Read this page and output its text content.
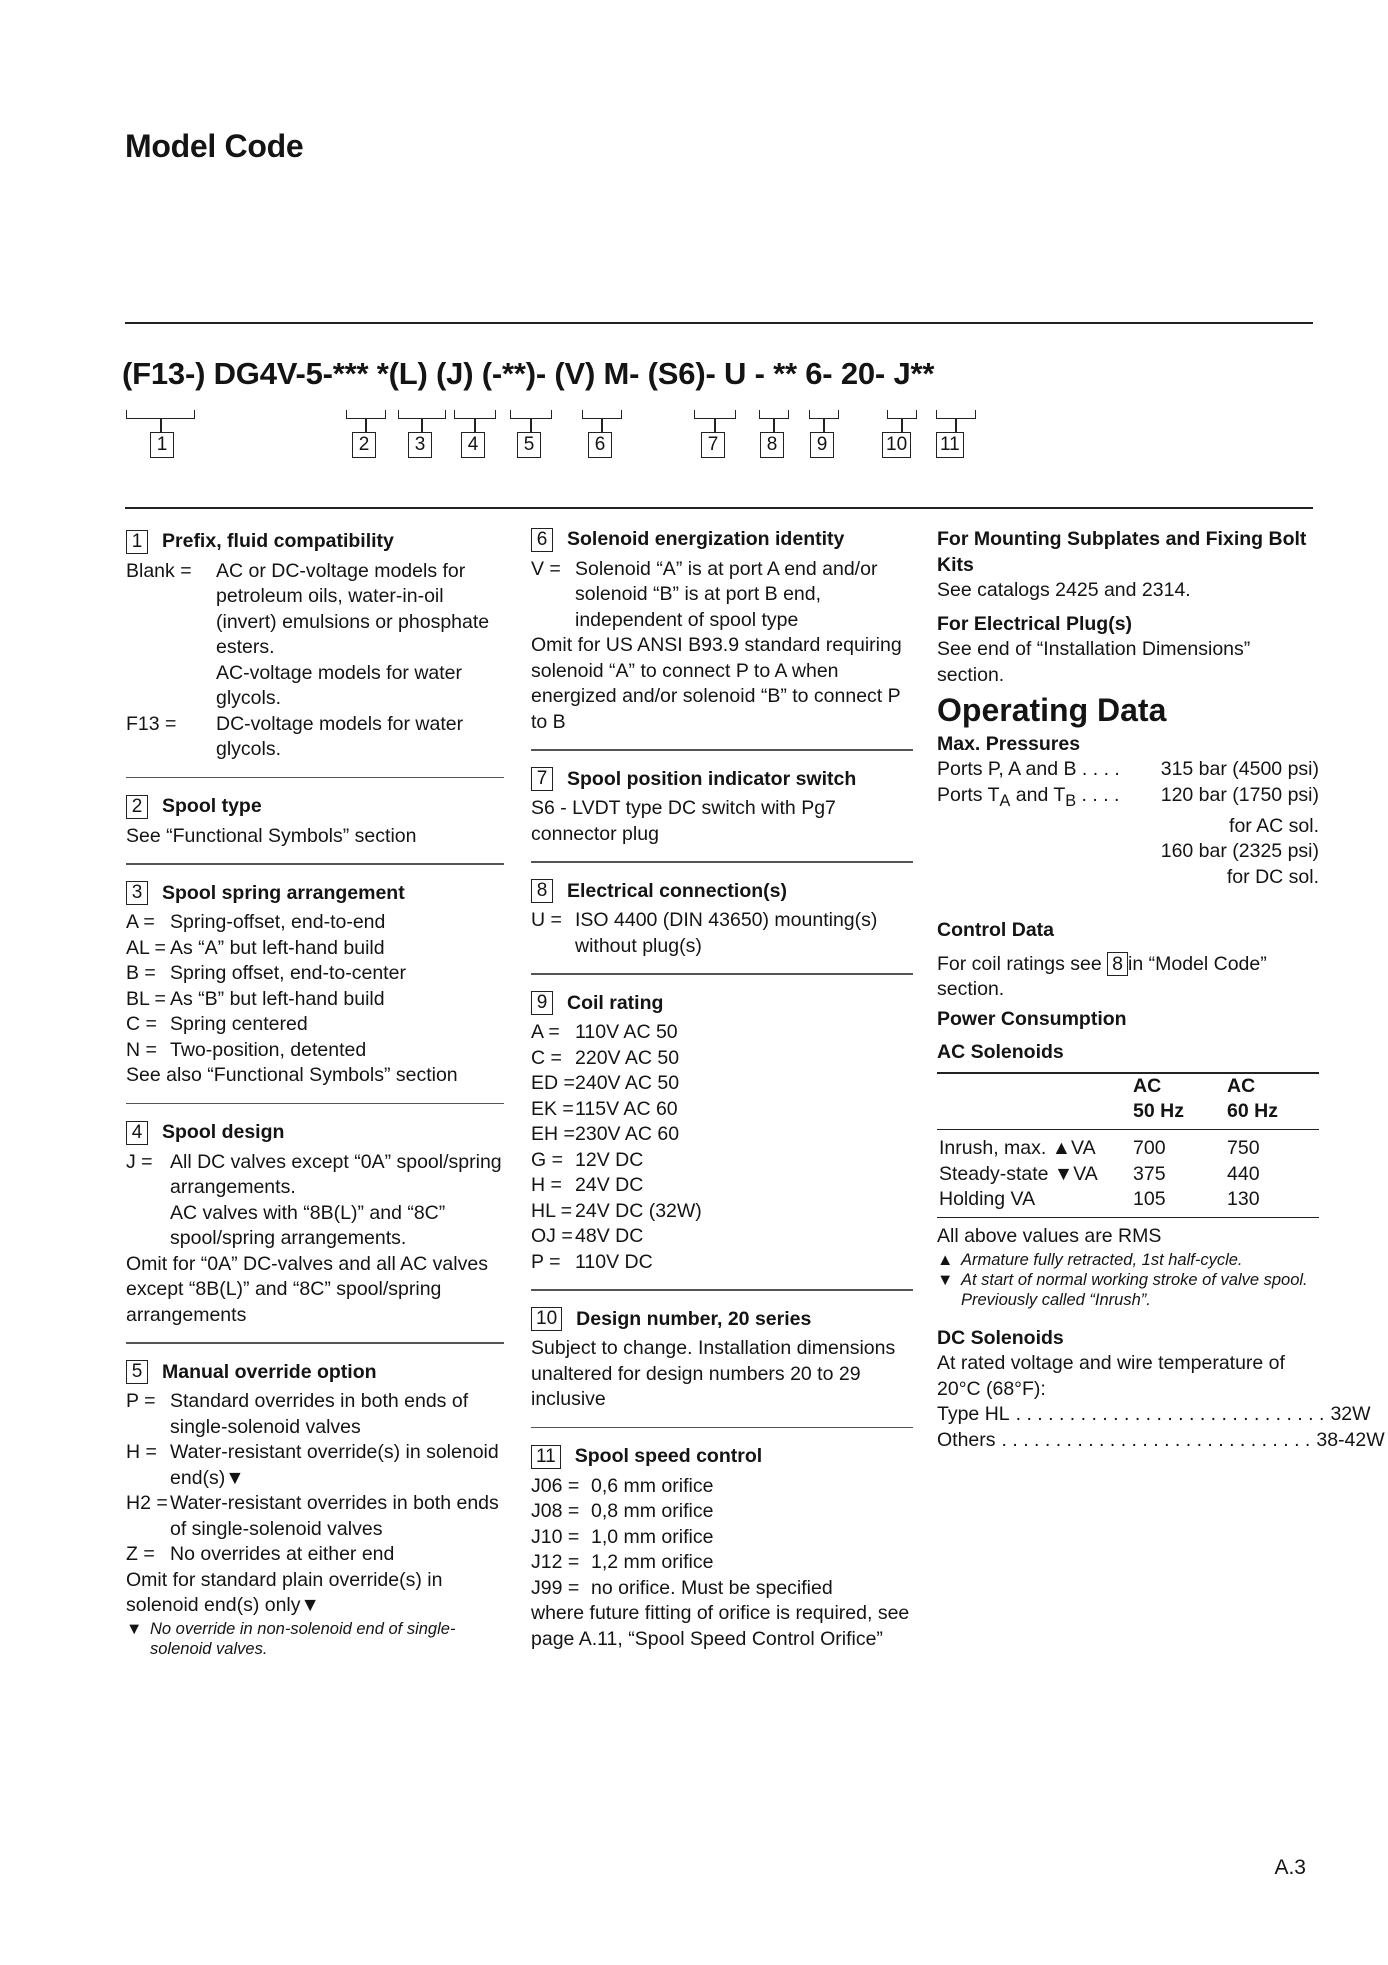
Model Code
(F13-) DG4V-5-*** *(L) (J) (-**)- (V) M- (S6)- U - ** 6- 20- J**
1	2	3	4	5	6	7	8	9	10 11
1 Prefix, fluid compatibility
Blank =	AC or DC-voltage models for petroleum oils, water-in-oil (invert) emulsions or phosphate esters.
AC-voltage models for water glycols.
F13 =	DC-voltage models for water glycols.
2 Spool type
See “Functional Symbols” section
3 Spool spring arrangement
A = Spring-offset, end-to-end
AL = As “A” but left-hand build
B = Spring offset, end-to-center
BL = As “B” but left-hand build
C = Spring centered
N = Two-position, detented
See also “Functional Symbols” section
4 Spool design
J = All DC valves except “0A” spool/spring arrangements.
AC valves with “8B(L)” and “8C” spool/spring arrangements.
Omit for “0A” DC-valves and all AC valves except “8B(L)” and “8C” spool/spring arrangements
5 Manual override option
P = Standard overrides in both ends of single-solenoid valves
H = Water-resistant override(s) in solenoid end(s)▼
H2 = Water-resistant overrides in both ends of single-solenoid valves
Z = No overrides at either end
Omit for standard plain override(s) in solenoid end(s) only▼
▼ No override in non-solenoid end of single-solenoid valves.
6 Solenoid energization identity
V = Solenoid “A” is at port A end and/or solenoid “B” is at port B end, independent of spool type
Omit for US ANSI B93.9 standard requiring solenoid “A” to connect P to A when energized and/or solenoid “B” to connect P to B
7 Spool position indicator switch
S6 - LVDT type DC switch with Pg7 connector plug
8 Electrical connection(s)
U = ISO 4400 (DIN 43650) mounting(s) without plug(s)
9 Coil rating
A = 110V AC 50
C = 220V AC 50
ED = 240V AC 50
EK = 115V AC 60
EH = 230V AC 60
G = 12V DC
H = 24V DC
HL = 24V DC (32W)
OJ = 48V DC
P = 110V DC
10 Design number, 20 series
Subject to change. Installation dimensions unaltered for design numbers 20 to 29 inclusive
11 Spool speed control
J06 = 0,6 mm orifice
J08 = 0,8 mm orifice
J10 = 1,0 mm orifice
J12 = 1,2 mm orifice
J99 = no orifice. Must be specified
where future fitting of orifice is required, see page A.11, “Spool Speed Control Orifice”
For Mounting Subplates and Fixing Bolt Kits
See catalogs 2425 and 2314.
For Electrical Plug(s)
See end of “Installation Dimensions” section.
Operating Data
Max. Pressures
Ports P, A and B . . . . 315 bar (4500 psi)
Ports $T_A$ and $T_B$ . . . . 120 bar (1750 psi)
for AC sol.
160 bar (2325 psi)
for DC sol.
Control Data
For coil ratings see 8 in “Model Code” section.
Power Consumption
AC Solenoids
	AC	AC
	50 Hz	60 Hz
Inrush, max. ▲VA	700	750
Steady-state ▼VA	375	440
Holding VA	105	130
All above values are RMS
▲ Armature fully retracted, 1st half-cycle.
▼ At start of normal working stroke of valve spool. Previously called “Inrush”.
DC Solenoids
At rated voltage and wire temperature of 20°C (68°F):
Type HL . . . . . . . . . . . . . . . . . . . . . . . . . . . . . 32W
Others . . . . . . . . . . . . . . . . . . . . . . . . . . . . . 38-42W
A.3
